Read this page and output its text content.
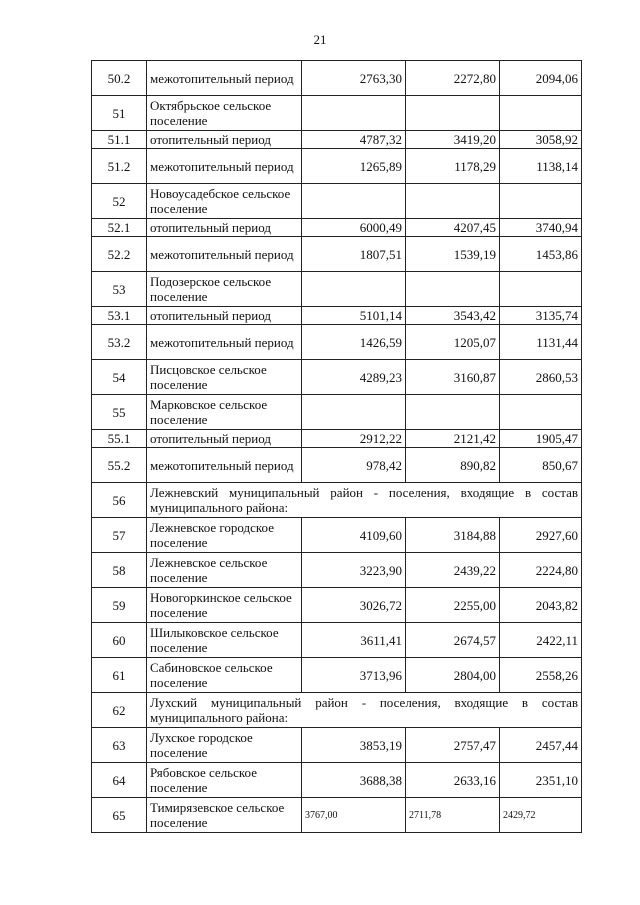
21
50.2	межотопительный период	2763,30	2272,80	2094,06
51	Октябрьское сельское поселение			
51.1	отопительный период	4787,32	3419,20	3058,92
51.2	межотопительный период	1265,89	1178,29	1138,14
52	Новоусадебское сельское поселение			
52.1	отопительный период	6000,49	4207,45	3740,94
52.2	межотопительный период	1807,51	1539,19	1453,86
53	Подозерское сельское поселение			
53.1	отопительный период	5101,14	3543,42	3135,74
53.2	межотопительный период	1426,59	1205,07	1131,44
54	Писцовское сельское поселение	4289,23	3160,87	2860,53
55	Марковское сельское поселение			
55.1	отопительный период	2912,22	2121,42	1905,47
55.2	межотопительный период	978,42	890,82	850,67
56	Лежневский муниципальный район - поселения, входящие в состав муниципального района:			
57	Лежневское городское поселение	4109,60	3184,88	2927,60
58	Лежневское сельское поселение	3223,90	2439,22	2224,80
59	Новогоркинское сельское поселение	3026,72	2255,00	2043,82
60	Шилыковское сельское поселение	3611,41	2674,57	2422,11
61	Сабиновское сельское поселение	3713,96	2804,00	2558,26
62	Лухский муниципальный район - поселения, входящие в состав муниципального района:			
63	Лухское городское поселение	3853,19	2757,47	2457,44
64	Рябовское сельское поселение	3688,38	2633,16	2351,10
65	Тимирязевское сельское поселение	3767,00	2711,78	2429,72
